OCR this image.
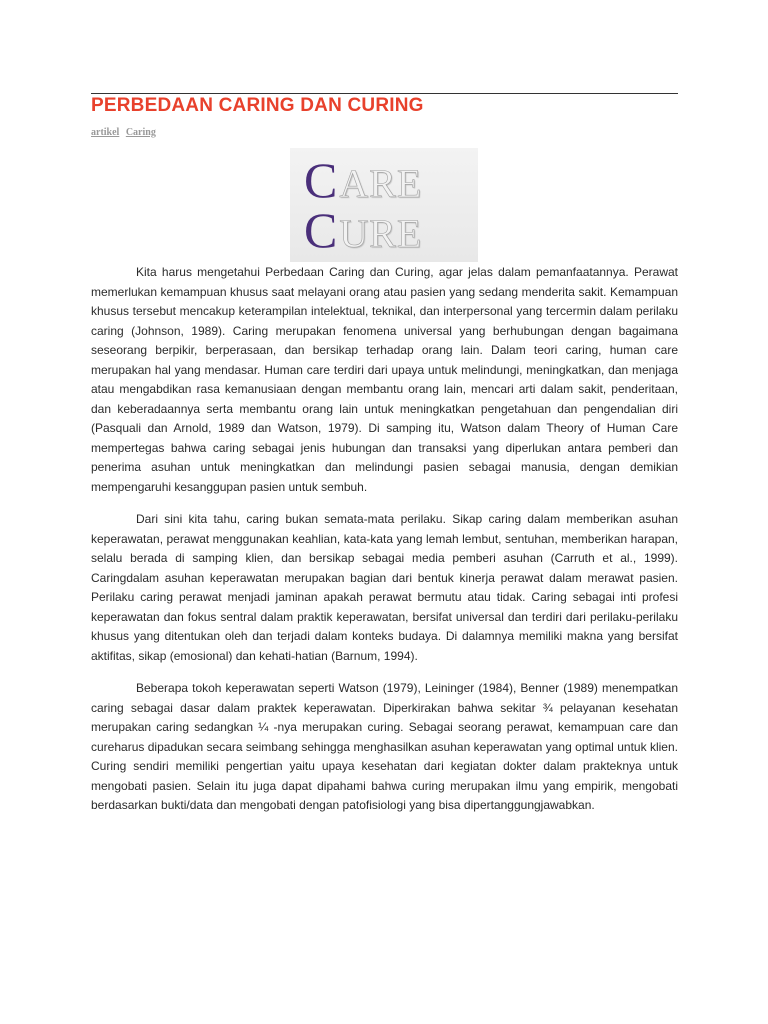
PERBEDAAN CARING DAN CURING
artikel Caring
C ARE
C URE

Kita harus mengetahui Perbedaan Caring dan Curing, agar jelas dalam pemanfaatannya. Perawat memerlukan kemampuan khusus saat melayani orang atau pasien yang sedang menderita sakit. Kemampuan khusus tersebut mencakup keterampilan intelektual, teknikal, dan interpersonal yang tercermin dalam perilaku caring (Johnson, 1989). Caring merupakan fenomena universal yang berhubungan dengan bagaimana seseorang berpikir, berperasaan, dan bersikap terhadap orang lain. Dalam teori caring, human care merupakan hal yang mendasar. Human care terdiri dari upaya untuk melindungi, meningkatkan, dan menjaga atau mengabdikan rasa kemanusiaan dengan membantu orang lain, mencari arti dalam sakit, penderitaan, dan keberadaannya serta membantu orang lain untuk meningkatkan pengetahuan dan pengendalian diri (Pasquali dan Arnold, 1989 dan Watson, 1979). Di samping itu, Watson dalam Theory of Human Care mempertegas bahwa caring sebagai jenis hubungan dan transaksi yang diperlukan antara pemberi dan penerima asuhan untuk meningkatkan dan melindungi pasien sebagai manusia, dengan demikian mempengaruhi kesanggupan pasien untuk sembuh.

Dari sini kita tahu, caring bukan semata-mata perilaku. Sikap caring dalam memberikan asuhan keperawatan, perawat menggunakan keahlian, kata-kata yang lemah lembut, sentuhan, memberikan harapan, selalu berada di samping klien, dan bersikap sebagai media pemberi asuhan (Carruth et al., 1999). Caringdalam asuhan keperawatan merupakan bagian dari bentuk kinerja perawat dalam merawat pasien. Perilaku caring perawat menjadi jaminan apakah perawat bermutu atau tidak. Caring sebagai inti profesi keperawatan dan fokus sentral dalam praktik keperawatan, bersifat universal dan terdiri dari perilaku-perilaku khusus yang ditentukan oleh dan terjadi dalam konteks budaya. Di dalamnya memiliki makna yang bersifat aktifitas, sikap (emosional) dan kehati-hatian (Barnum, 1994).

Beberapa tokoh keperawatan seperti Watson (1979), Leininger (1984), Benner (1989) menempatkan caring sebagai dasar dalam praktek keperawatan. Diperkirakan bahwa sekitar ¾ pelayanan kesehatan merupakan caring sedangkan ¼ -nya merupakan curing. Sebagai seorang perawat, kemampuan care dan cureharus dipadukan secara seimbang sehingga menghasilkan asuhan keperawatan yang optimal untuk klien. Curing sendiri memiliki pengertian yaitu upaya kesehatan dari kegiatan dokter dalam prakteknya untuk mengobati pasien. Selain itu juga dapat dipahami bahwa curing merupakan ilmu yang empirik, mengobati berdasarkan bukti/data dan mengobati dengan patofisiologi yang bisa dipertanggungjawabkan.
